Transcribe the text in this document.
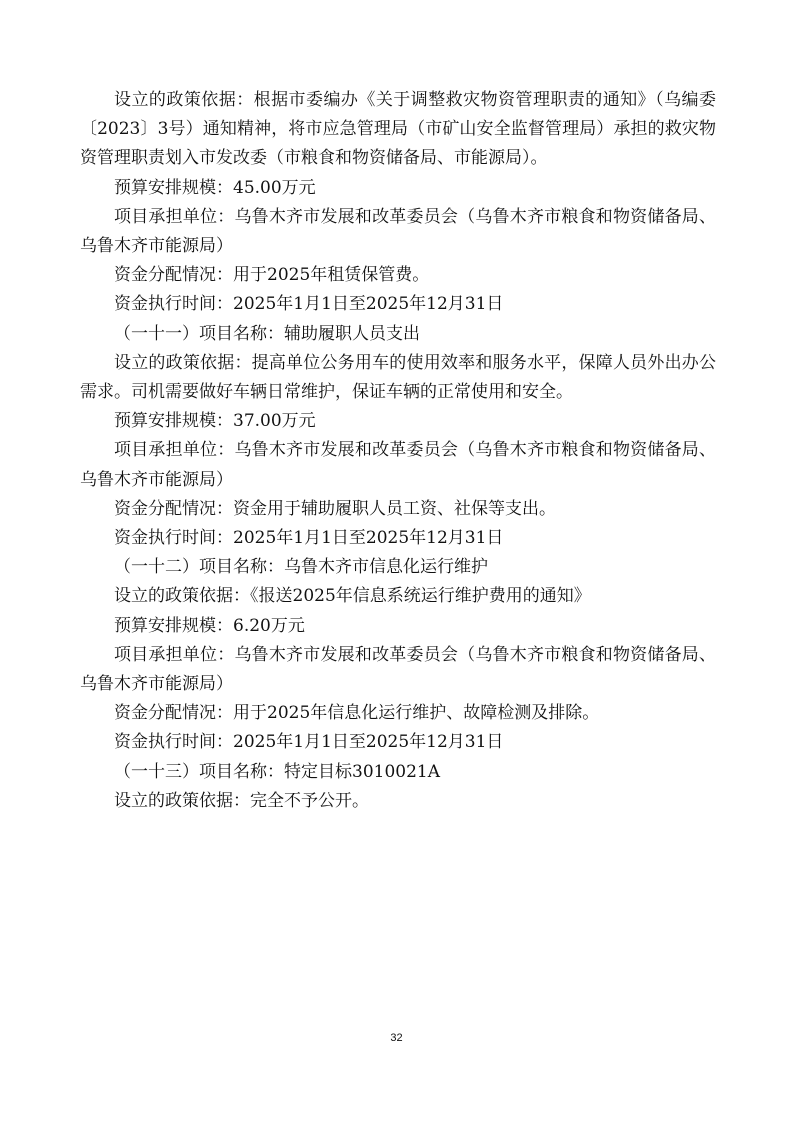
设立的政策依据：根据市委编办《关于调整救灾物资管理职责的通知》（乌编委〔2023〕3号）通知精神，将市应急管理局（市矿山安全监督管理局）承担的救灾物资管理职责划入市发改委（市粮食和物资储备局、市能源局）。

预算安排规模：45.00万元

项目承担单位：乌鲁木齐市发展和改革委员会（乌鲁木齐市粮食和物资储备局、乌鲁木齐市能源局）

资金分配情况：用于2025年租赁保管费。

资金执行时间：2025年1月1日至2025年12月31日

（一十一）项目名称：辅助履职人员支出

设立的政策依据：提高单位公务用车的使用效率和服务水平，保障人员外出办公需求。司机需要做好车辆日常维护，保证车辆的正常使用和安全。

预算安排规模：37.00万元

项目承担单位：乌鲁木齐市发展和改革委员会（乌鲁木齐市粮食和物资储备局、乌鲁木齐市能源局）

资金分配情况：资金用于辅助履职人员工资、社保等支出。

资金执行时间：2025年1月1日至2025年12月31日

（一十二）项目名称：乌鲁木齐市信息化运行维护

设立的政策依据：《报送2025年信息系统运行维护费用的通知》

预算安排规模：6.20万元

项目承担单位：乌鲁木齐市发展和改革委员会（乌鲁木齐市粮食和物资储备局、乌鲁木齐市能源局）

资金分配情况：用于2025年信息化运行维护、故障检测及排除。

资金执行时间：2025年1月1日至2025年12月31日

（一十三）项目名称：特定目标3010021A

设立的政策依据：完全不予公开。

32
